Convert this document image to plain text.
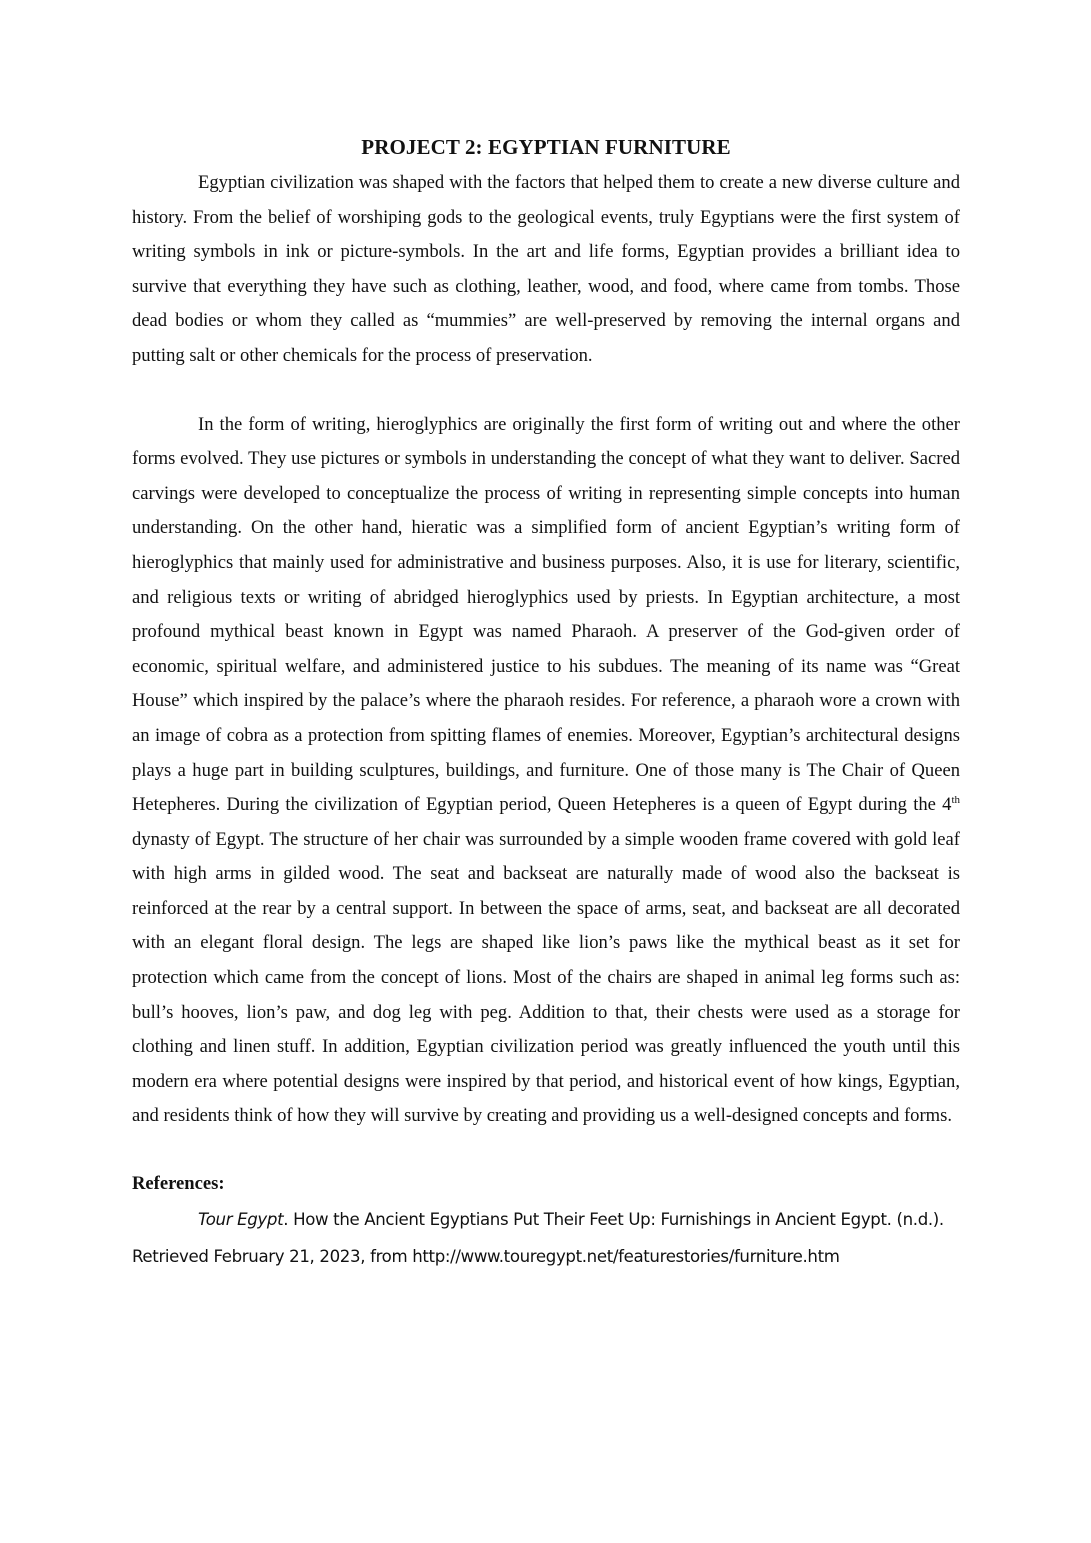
PROJECT 2: EGYPTIAN FURNITURE

Egyptian civilization was shaped with the factors that helped them to create a new diverse culture and history. From the belief of worshiping gods to the geological events, truly Egyptians were the first system of writing symbols in ink or picture-symbols. In the art and life forms, Egyptian provides a brilliant idea to survive that everything they have such as clothing, leather, wood, and food, where came from tombs. Those dead bodies or whom they called as “mummies” are well-preserved by removing the internal organs and putting salt or other chemicals for the process of preservation.

In the form of writing, hieroglyphics are originally the first form of writing out and where the other forms evolved. They use pictures or symbols in understanding the concept of what they want to deliver. Sacred carvings were developed to conceptualize the process of writing in representing simple concepts into human understanding. On the other hand, hieratic was a simplified form of ancient Egyptian’s writing form of hieroglyphics that mainly used for administrative and business purposes. Also, it is use for literary, scientific, and religious texts or writing of abridged hieroglyphics used by priests. In Egyptian architecture, a most profound mythical beast known in Egypt was named Pharaoh. A preserver of the God-given order of economic, spiritual welfare, and administered justice to his subdues. The meaning of its name was “Great House” which inspired by the palace’s where the pharaoh resides. For reference, a pharaoh wore a crown with an image of cobra as a protection from spitting flames of enemies. Moreover, Egyptian’s architectural designs plays a huge part in building sculptures, buildings, and furniture. One of those many is The Chair of Queen Hetepheres. During the civilization of Egyptian period, Queen Hetepheres is a queen of Egypt during the 4th dynasty of Egypt. The structure of her chair was surrounded by a simple wooden frame covered with gold leaf with high arms in gilded wood. The seat and backseat are naturally made of wood also the backseat is reinforced at the rear by a central support. In between the space of arms, seat, and backseat are all decorated with an elegant floral design. The legs are shaped like lion’s paws like the mythical beast as it set for protection which came from the concept of lions. Most of the chairs are shaped in animal leg forms such as: bull’s hooves, lion’s paw, and dog leg with peg. Addition to that, their chests were used as a storage for clothing and linen stuff. In addition, Egyptian civilization period was greatly influenced the youth until this modern era where potential designs were inspired by that period, and historical event of how kings, Egyptian, and residents think of how they will survive by creating and providing us a well-designed concepts and forms.

References:

Tour Egypt. How the Ancient Egyptians Put Their Feet Up: Furnishings in Ancient Egypt. (n.d.). Retrieved February 21, 2023, from http://www.touregypt.net/featurestories/furniture.htm
